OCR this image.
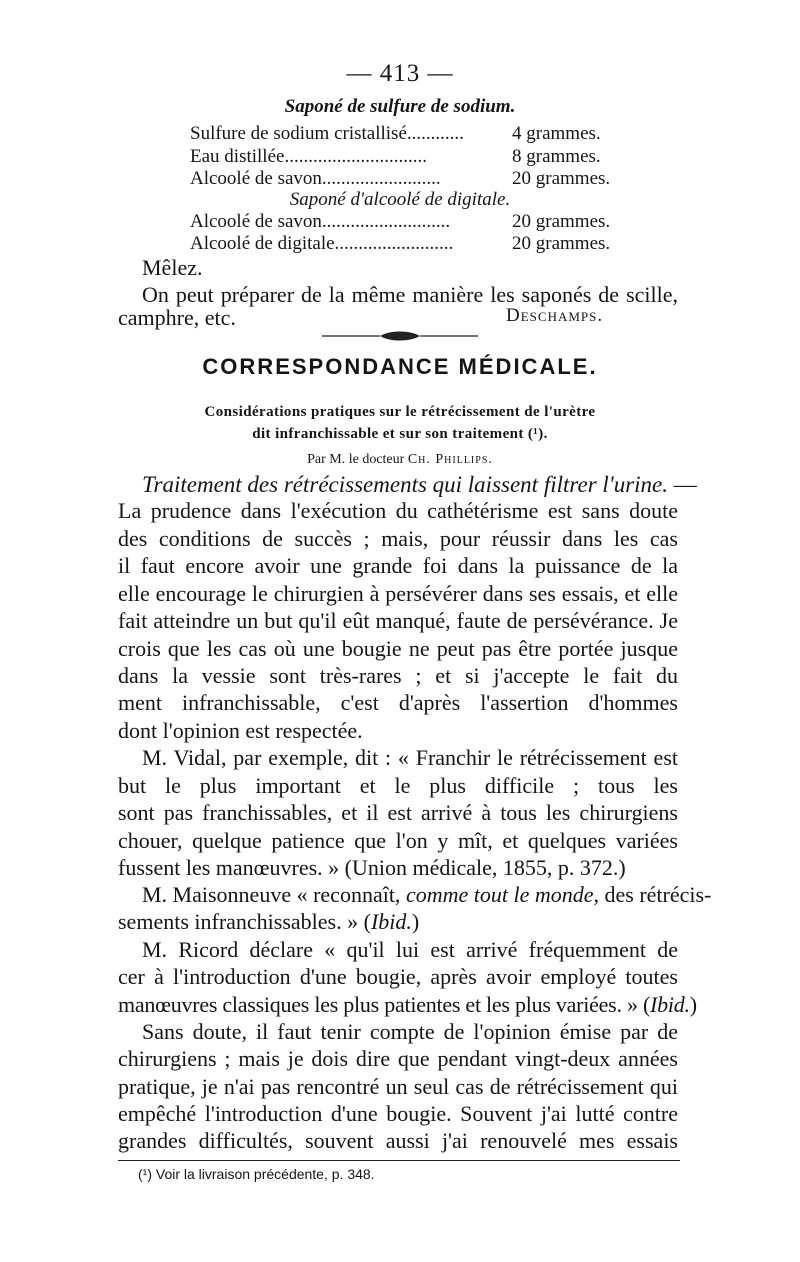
— 413 —
Saponé de sulfure de sodium.
Sulfure de sodium cristallisé............	4 grammes.
Eau distillée..............................	8 grammes.
Alcoolé de savon.........................	20 grammes.
Saponé d'alcoolé de digitale.
Alcoolé de savon...........................	20 grammes.
Alcoolé de digitale.........................	20 grammes.
Mêlez.
On peut préparer de la même manière les saponés de scille,
camphre, etc.	Deschamps.
CORRESPONDANCE MÉDICALE.
Considérations pratiques sur le rétrécissement de l'urètre
dit infranchissable et sur son traitement (¹).
Par M. le docteur Ch. Phillips.
Traitement des rétrécissements qui laissent filtrer l'urine. —
La prudence dans l'exécution du cathétérisme est sans doute
des conditions de succès ; mais, pour réussir dans les cas
il faut encore avoir une grande foi dans la puissance de la
elle encourage le chirurgien à persévérer dans ses essais, et elle
fait atteindre un but qu'il eût manqué, faute de persévérance. Je
crois que les cas où une bougie ne peut pas être portée jusque
dans la vessie sont très-rares ; et si j'accepte le fait du
ment infranchissable, c'est d'après l'assertion d'hommes
dont l'opinion est respectée.
M. Vidal, par exemple, dit : « Franchir le rétrécissement est
but le plus important et le plus difficile ; tous les
sont pas franchissables, et il est arrivé à tous les chirurgiens
chouer, quelque patience que l'on y mît, et quelques variées
fussent les manœuvres. » (Union médicale, 1855, p. 372.)
M. Maisonneuve « reconnaît, comme tout le monde, des rétrécis-
sements infranchissables. » (Ibid.)
M. Ricord déclare « qu'il lui est arrivé fréquemment de
cer à l'introduction d'une bougie, après avoir employé toutes
manœuvres classiques les plus patientes et les plus variées. » (Ibid.)
Sans doute, il faut tenir compte de l'opinion émise par de
chirurgiens ; mais je dois dire que pendant vingt-deux années
pratique, je n'ai pas rencontré un seul cas de rétrécissement qui
empêché l'introduction d'une bougie. Souvent j'ai lutté contre
grandes difficultés, souvent aussi j'ai renouvelé mes essais
(¹) Voir la livraison précédente, p. 348.
